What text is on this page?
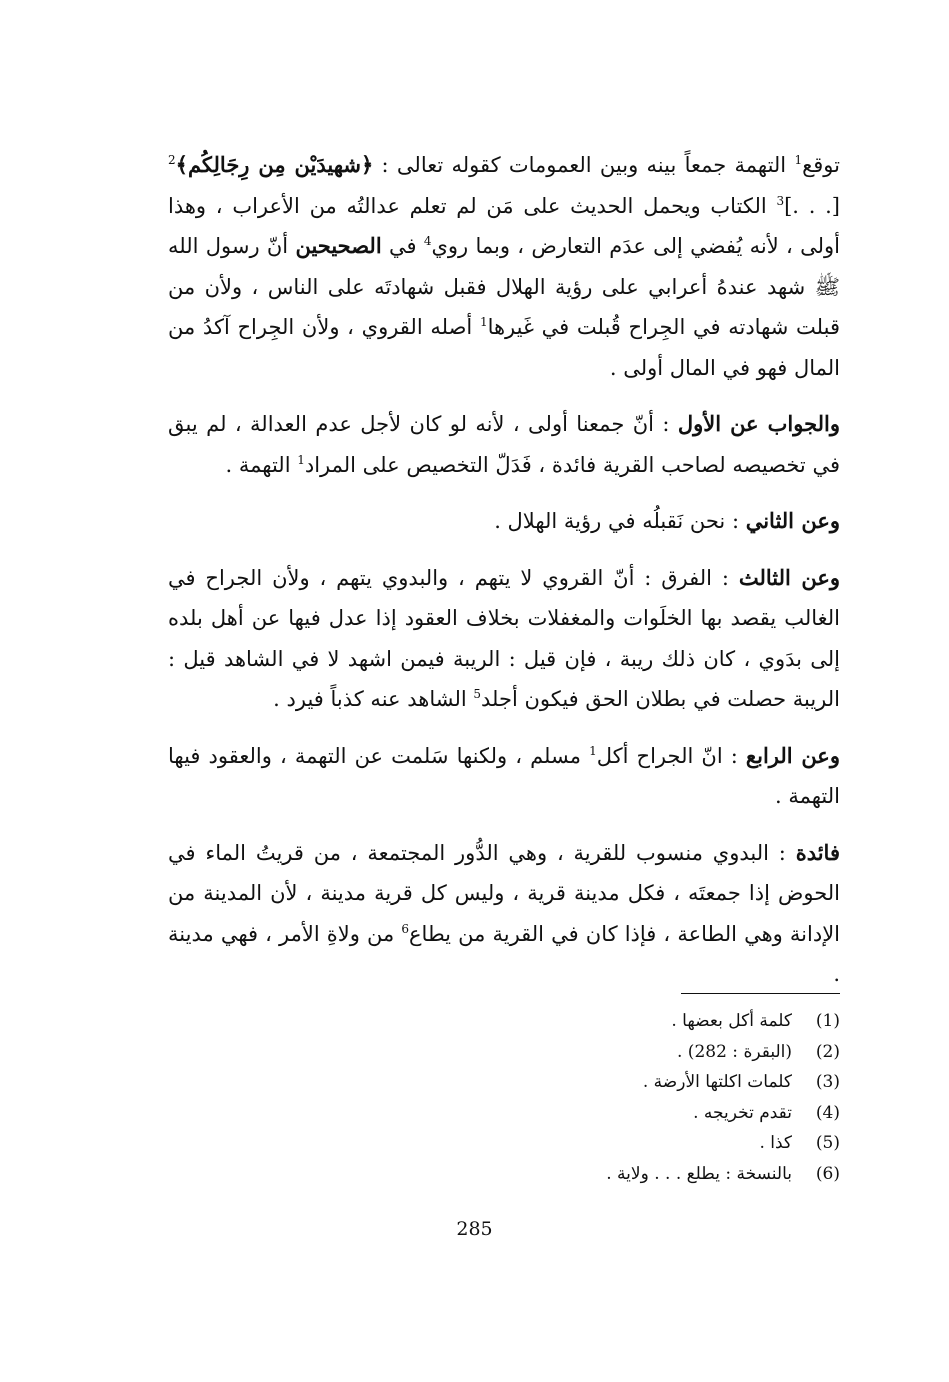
توقع$^1$ التهمة جمعاً بينه وبين العمومات كقوله تعالى : ﴿شهيدَيْن مِن رِجَالِكُم﴾$^2$ [. . .]$^3$ الكتاب ويحمل الحديث على مَن لم تعلم عدالتُه من الأعراب ، وهذا أولى ، لأنه يُفضي إلى عدَم التعارض ، وبما روي$^4$ في الصحيحين أنّ رسول الله ﷺ شهد عندهُ أعرابي على رؤية الهلال فقبل شهادتَه على الناس ، ولأن من قبلت شهادته في الجِراح قُبلت في غَيرها$^1$ أصله القروي ، ولأن الجِراح آكدُ من المال فهو في المال أولى .

والجواب عن الأول : أنّ جمعنا أولى ، لأنه لو كان لأجل عدم العدالة ، لم يبق في تخصيصه لصاحب القرية فائدة ، فَدَلّ التخصيص على المراد$^1$ التهمة .

وعن الثاني : نحن نَقبلُه في رؤية الهلال .

وعن الثالث : الفرق : أنّ القروي لا يتهم ، والبدوي يتهم ، ولأن الجراح في الغالب يقصد بها الخلَوات والمغفلات بخلاف العقود إذا عدل فيها عن أهل بلده إلى بدَوي ، كان ذلك ريبة ، فإن قيل : الريبة فيمن اشهد لا في الشاهد قيل : الريبة حصلت في بطلان الحق فيكون أجلد$^5$ الشاهد عنه كذباً فيرد .

وعن الرابع : انّ الجراح أكل$^1$ مسلم ، ولكنها سَلمت عن التهمة ، والعقود فيها التهمة .

فائدة : البدوي منسوب للقرية ، وهي الدُّور المجتمعة ، من قريتُ الماء في الحوض إذا جمعتَه ، فكل مدينة قرية ، وليس كل قرية مدينة ، لأن المدينة من الإدانة وهي الطاعة ، فإذا كان في القرية من يطاع$^6$ من ولاةِ الأمر ، فهي مدينة .

(1)
كلمة أكل بعضها .
(2)
(البقرة : 282) .
(3)
كلمات اكلتها الأرضة .
(4)
تقدم تخريجه .
(5)
كذا .
(6)
بالنسخة : يطلع . . . ولاية .
285
